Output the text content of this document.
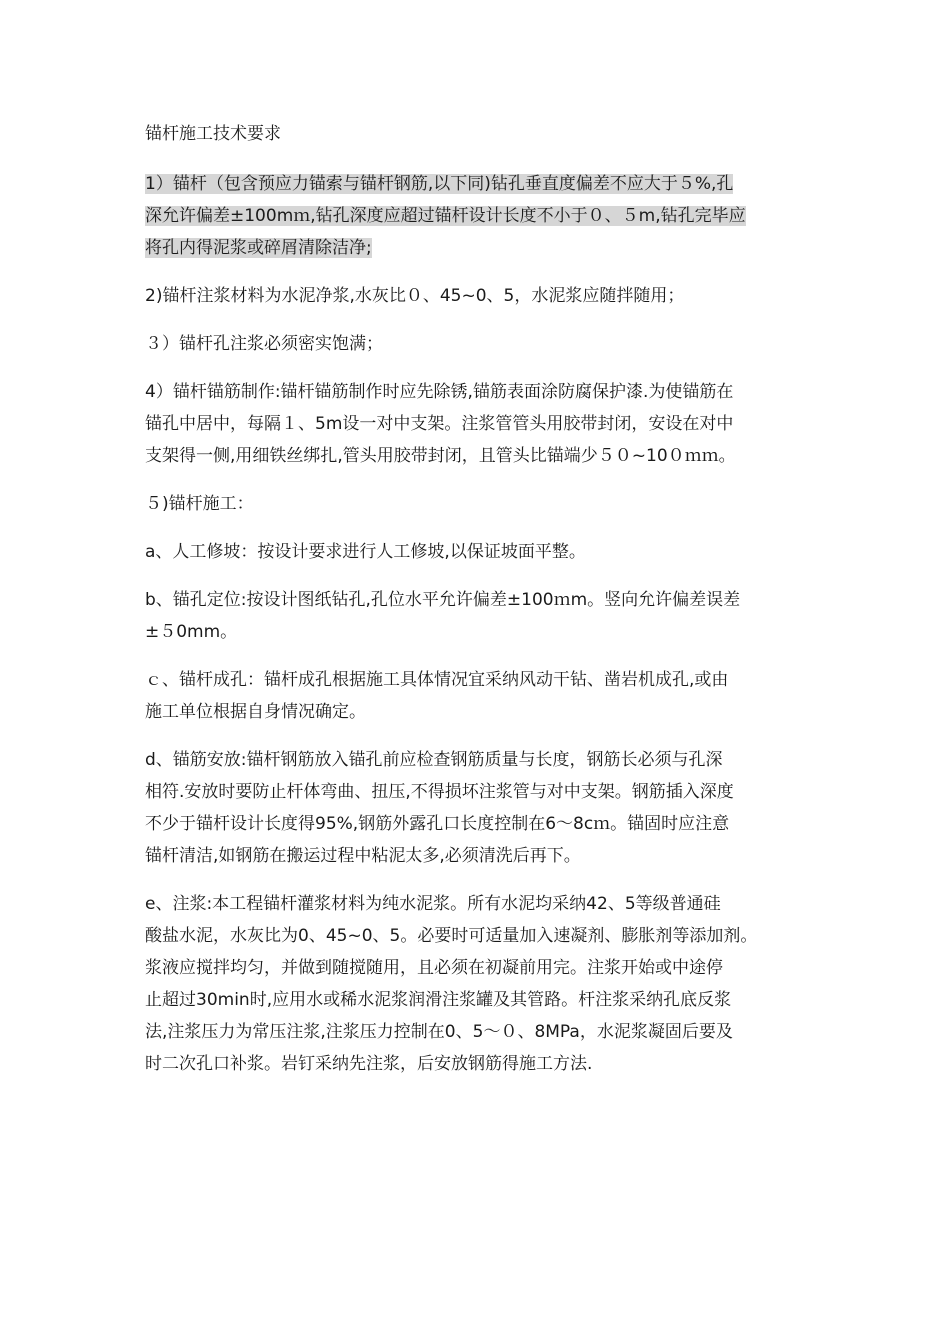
锚杆施工技术要求
1）锚杆（包含预应力锚索与锚杆钢筋,以下同)钻孔垂直度偏差不应大于５%,孔
深允许偏差±100mｍ,钻孔深度应超过锚杆设计长度不小于０、５m,钻孔完毕应
将孔内得泥浆或碎屑清除洁净;
2)锚杆注浆材料为水泥净浆,水灰比０、45~0、5，水泥浆应随拌随用；
３）锚杆孔注浆必须密实饱满；
4）锚杆锚筋制作:锚杆锚筋制作时应先除锈,锚筋表面涂防腐保护漆.为使锚筋在
锚孔中居中，每隔１、5m设一对中支架。注浆管管头用胶带封闭，安设在对中
支架得一侧,用细铁丝绑扎,管头用胶带封闭，且管头比锚端少５０~10０ｍｍ。
５)锚杆施工：
a、人工修坡：按设计要求进行人工修坡,以保证坡面平整。
b、锚孔定位:按设计图纸钻孔,孔位水平允许偏差±100ｍm。竖向允许偏差误差
±５0mm。
ｃ、锚杆成孔：锚杆成孔根据施工具体情况宜采纳风动干钻、凿岩机成孔,或由
施工单位根据自身情况确定。
d、锚筋安放:锚杆钢筋放入锚孔前应检查钢筋质量与长度，钢筋长必须与孔深
相符.安放时要防止杆体弯曲、扭压,不得损坏注浆管与对中支架。钢筋插入深度
不少于锚杆设计长度得95%,钢筋外露孔口长度控制在6～8cｍ。锚固时应注意
锚杆清洁,如钢筋在搬运过程中粘泥太多,必须清洗后再下。
e、注浆:本工程锚杆灌浆材料为纯水泥浆。所有水泥均采纳42、5等级普通硅
酸盐水泥，水灰比为0、45~0、5。必要时可适量加入速凝剂、膨胀剂等添加剂。
浆液应搅拌均匀，并做到随搅随用，且必须在初凝前用完。注浆开始或中途停
止超过30min时,应用水或稀水泥浆润滑注浆罐及其管路。杆注浆采纳孔底反浆
法,注浆压力为常压注浆,注浆压力控制在0、5～０、8MPa，水泥浆凝固后要及
时二次孔口补浆。岩钉采纳先注浆，后安放钢筋得施工方法.
